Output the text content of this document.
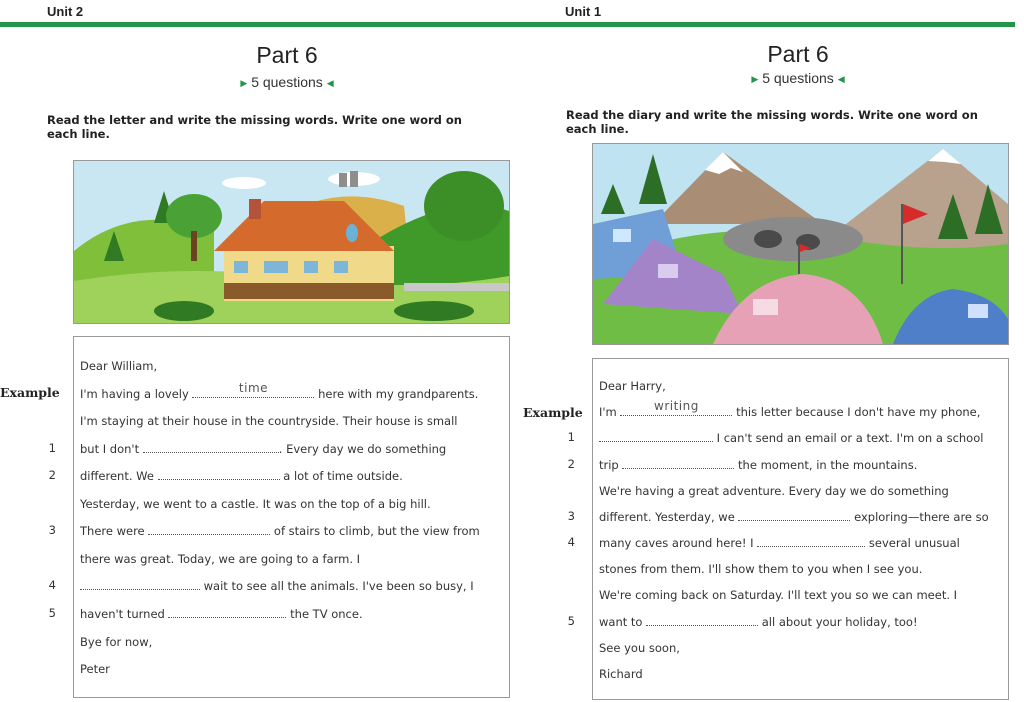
Unit 2
Part 6
▶ 5 questions ◀
Read the letter and write the missing words. Write one word on
each line.
Example
Dear William,
I'm having a lovely	time	here with my grandparents.
I'm staying at their house in the countryside. Their house is small
but I don't	. Every day we do something
different. We	a lot of time outside.
Yesterday, we went to a castle. It was on the top of a big hill.
There were	of stairs to climb, but the view from
there was great. Today, we are going to a farm. I
wait to see all the animals. I've been so busy, I
haven't turned	the TV once.
Bye for now,
Peter
1
2
3
4
5
Unit 1
Part 6
▶ 5 questions ◀
Read the diary and write the missing words. Write one word on
each line.
Example
Dear Harry,
I'm	writing	this letter because I don't have my phone,
I can't send an email or a text. I'm on a school
trip	the moment, in the mountains.
We're having a great adventure. Every day we do something
different. Yesterday, we	exploring—there are so
many caves around here! I	several unusual
stones from them. I'll show them to you when I see you.
We're coming back on Saturday. I'll text you so we can meet. I
want to	all about your holiday, too!
See you soon,
Richard
1
2
3
4
5
